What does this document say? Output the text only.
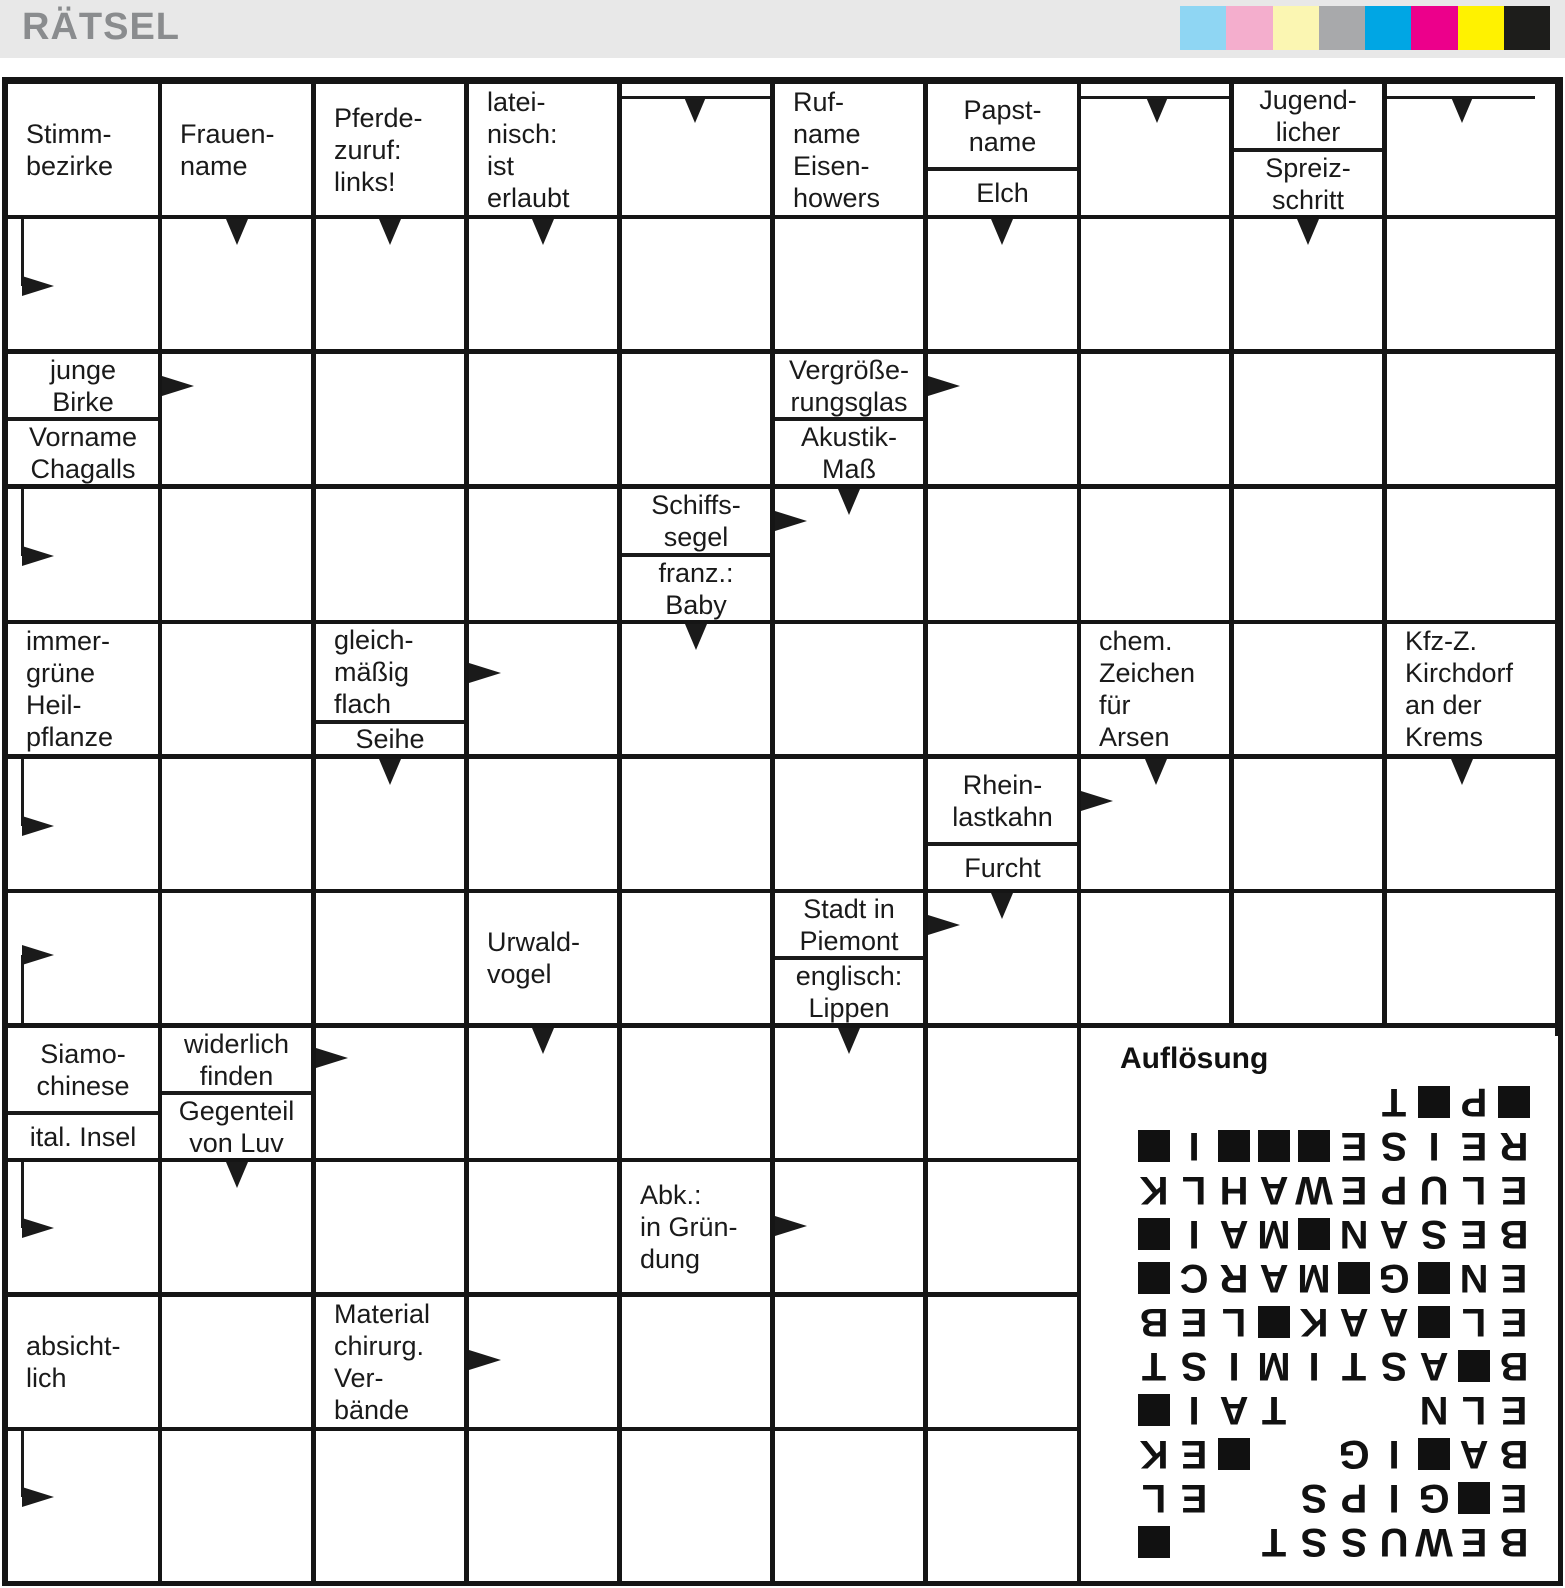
RÄTSEL
Stimm-
bezirke
Frauen-
name
Pferde-
zuruf:
links!
latei-
nisch:
ist
erlaubt
Ruf-
name
Eisen-
howers
Papst-
name
Elch
Jugend-
licher
Spreiz-
schritt
junge
Birke
Vorname
Chagalls
Vergröße-
rungsglas
Akustik-
Maß
Schiffs-
segel
franz.:
Baby
immer-
grüne
Heil-
pflanze
gleich-
mäßig
flach
Seihe
chem.
Zeichen
für
Arsen
Kfz-Z.
Kirchdorf
an der
Krems
Rhein-
lastkahn
Furcht
Stadt in
Piemont
englisch:
Lippen
Urwald-
vogel
Siamo-
chinese
ital. Insel
widerlich
finden
Gegenteil
von Luv
Abk.:
in Grün-
dung
absicht-
lich
Material
chirurg.
Ver-
bände
Auflösung
B
E
W
U
S
S
T
E
G
I
P
S
E
L
B
A
I
G
E
K
E
L
N
T
A
I
B
A
S
T
I
M
I
S
T
E
L
A
A
K
L
E
B
E
N
G
M
A
R
C
B
E
S
A
N
M
A
I
E
L
U
P
E
W
A
H
L
K
R
E
I
S
E
I
P
T
